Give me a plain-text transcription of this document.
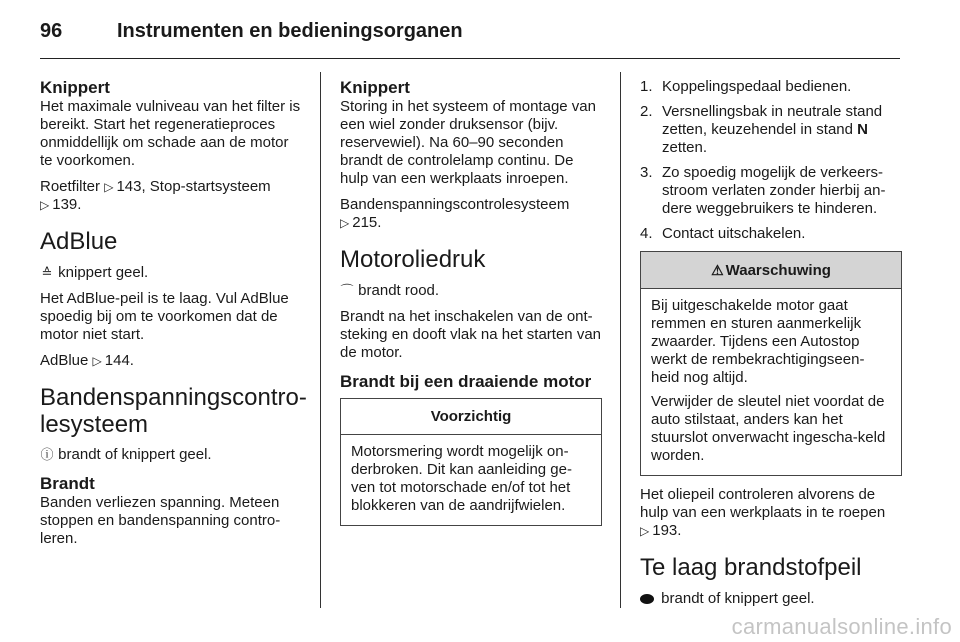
96	Instrumenten en bedieningsorganen
Knippert

Het maximale vulniveau van het filter is bereikt. Start het regeneratieproces onmiddellijk om schade aan de motor te voorkomen.

Roetfilter ▷ 143, Stop-startsysteem
▷ 139.

AdBlue

≙ knippert geel.

Het AdBlue-peil is te laag. Vul AdBlue spoedig bij om te voorkomen dat de motor niet start.

AdBlue ▷ 144.

Bandenspanningscontro-
lesysteem

ⓘ brandt of knippert geel.

Brandt

Banden verliezen spanning. Meteen stoppen en bandenspanning contro-leren.

Knippert

Storing in het systeem of montage van een wiel zonder druksensor (bijv. reservewiel). Na 60–90 seconden brandt de controlelamp continu. De hulp van een werkplaats inroepen.

Bandenspanningscontrolesysteem
▷ 215.

Motoroliedruk

⌒ brandt rood.

Brandt na het inschakelen van de ont-steking en dooft vlak na het starten van de motor.

Brandt bij een draaiende motor
Voorzichtig

Motorsmering wordt mogelijk on-derbroken. Dit kan aanleiding ge-ven tot motorschade en/of tot het blokkeren van de aandrijfwielen.

1. Koppelingspedaal bedienen.
2. Versnellingsbak in neutrale stand zetten, keuzehendel in stand N
zetten.
3. Zo spoedig mogelijk de verkeers-stroom verlaten zonder hierbij an-dere weggebruikers te hinderen.
4. Contact uitschakelen.
⚠ Waarschuwing

Bij uitgeschakelde motor gaat remmen en sturen aanmerkelijk zwaarder. Tijdens een Autostop werkt de rembekrachtigingseen-heid nog altijd.

Verwijder de sleutel niet voordat de auto stilstaat, anders kan het stuurslot onverwacht ingescha-keld worden.

Het oliepeil controleren alvorens de hulp van een werkplaats in te roepen
▷ 193.

Te laag brandstofpeil

brandt of knippert geel.

carmanualsonline.info
